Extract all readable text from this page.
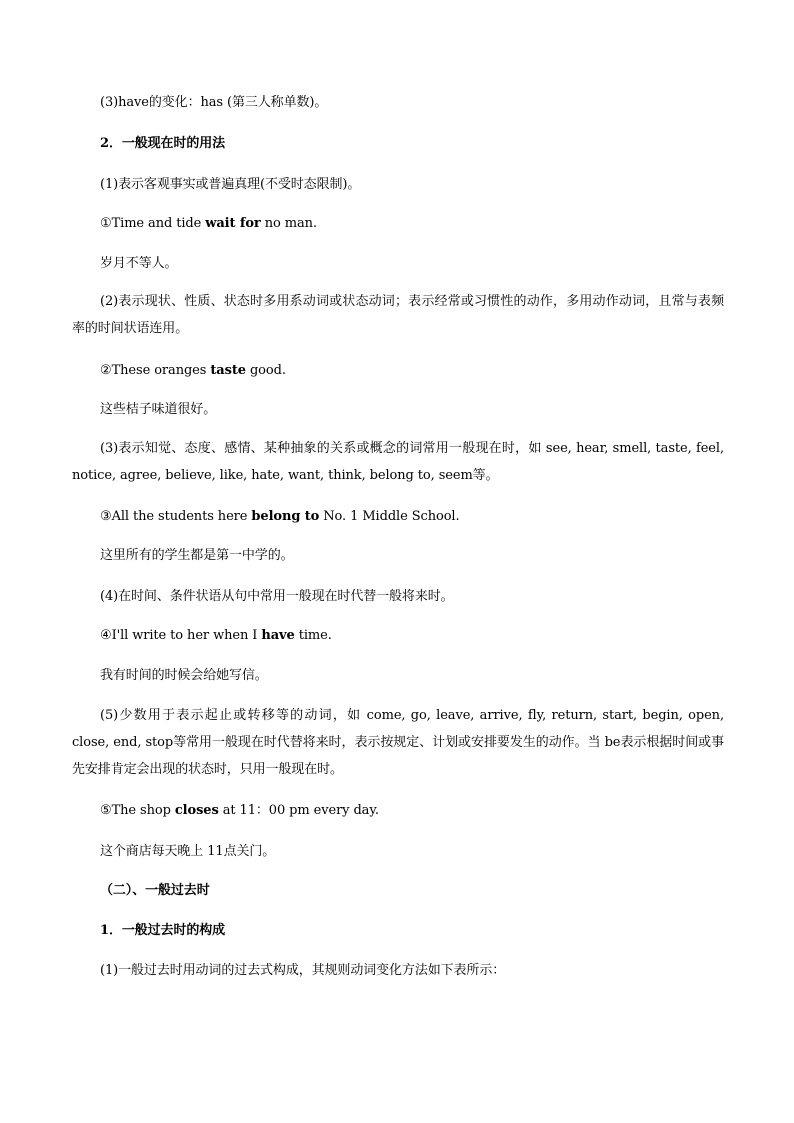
(3)have的变化：has (第三人称单数)。

2．一般现在时的用法

(1)表示客观事实或普遍真理(不受时态限制)。

①Time and tide wait for no man.

岁月不等人。

(2)表示现状、性质、状态时多用系动词或状态动词；表示经常或习惯性的动作，多用动作动词，且常与表频率的时间状语连用。

②These oranges taste good.

这些桔子味道很好。

(3)表示知觉、态度、感情、某种抽象的关系或概念的词常用一般现在时，如 see, hear, smell, taste, feel, notice, agree, believe, like, hate, want, think, belong to, seem等。

③All the students here belong to No. 1 Middle School.

这里所有的学生都是第一中学的。

(4)在时间、条件状语从句中常用一般现在时代替一般将来时。

④I'll write to her when I have time.

我有时间的时候会给她写信。

(5)少数用于表示起止或转移等的动词，如 come, go, leave, arrive, fly, return, start, begin, open, close, end, stop等常用一般现在时代替将来时，表示按规定、计划或安排要发生的动作。当 be表示根据时间或事先安排肯定会出现的状态时，只用一般现在时。

⑤The shop closes at 11：00 pm every day.

这个商店每天晚上 11点关门。

（二）、一般过去时

1．一般过去时的构成

(1)一般过去时用动词的过去式构成，其规则动词变化方法如下表所示：
